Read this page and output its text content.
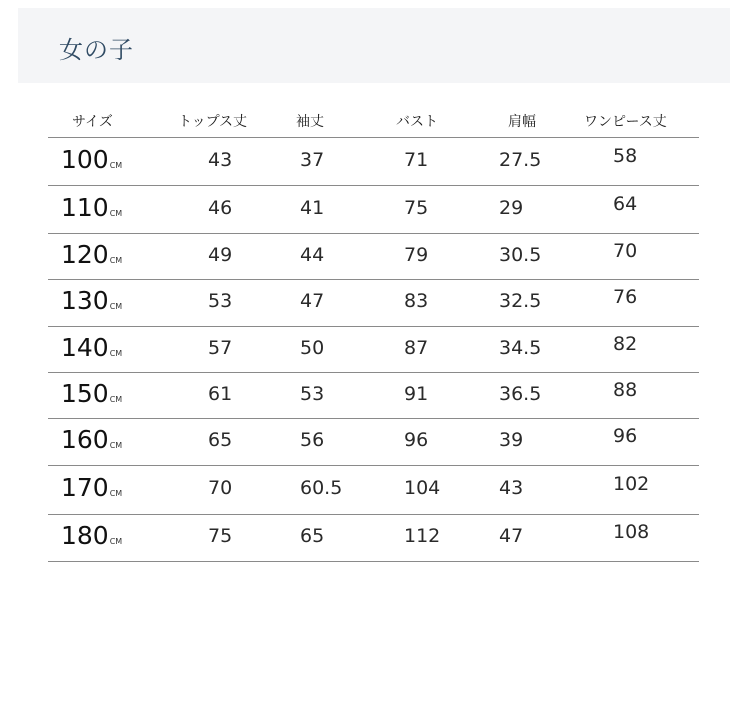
女の子
サイズ	トップス丈	袖丈	バスト	肩幅	ワンピース丈
100CM	43	37	71	27.5	58
110CM	46	41	75	29	64
120CM	49	44	79	30.5	70
130CM	53	47	83	32.5	76
140CM	57	50	87	34.5	82
150CM	61	53	91	36.5	88
160CM	65	56	96	39	96
170CM	70	60.5	104	43	102
180CM	75	65	112	47	108
